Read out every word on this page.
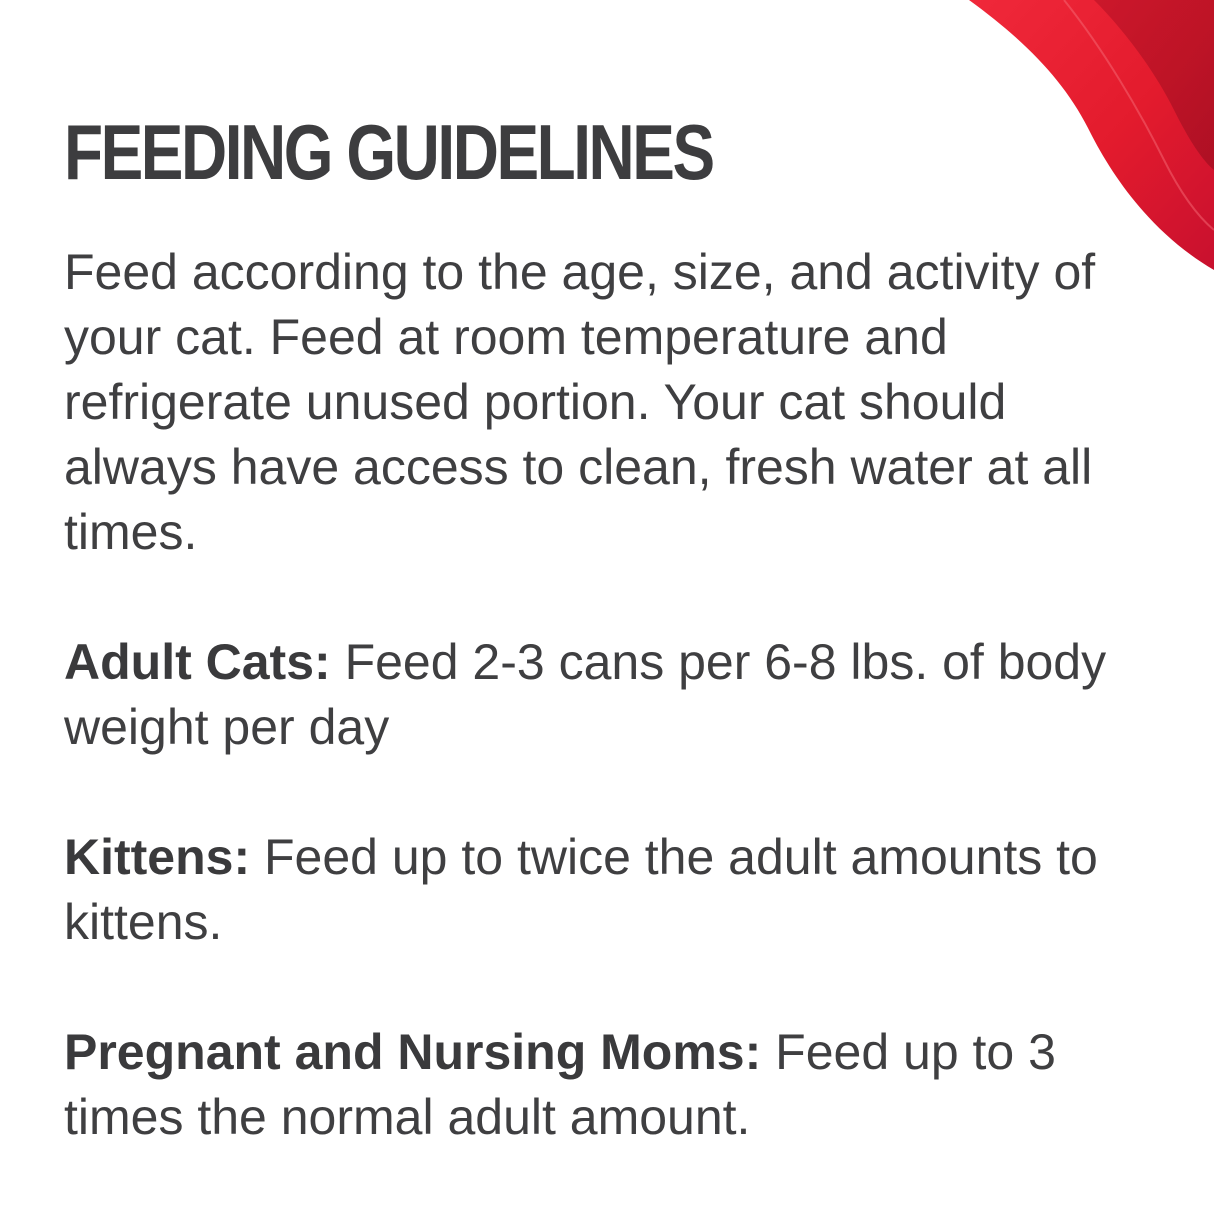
FEEDING GUIDELINES

Feed according to the age, size, and activity of your cat. Feed at room temperature and refrigerate unused portion. Your cat should always have access to clean, fresh water at all times.

Adult Cats: Feed 2-3 cans per 6-8 lbs. of body weight per day

Kittens: Feed up to twice the adult amounts to kittens.

Pregnant and Nursing Moms: Feed up to 3 times the normal adult amount.
